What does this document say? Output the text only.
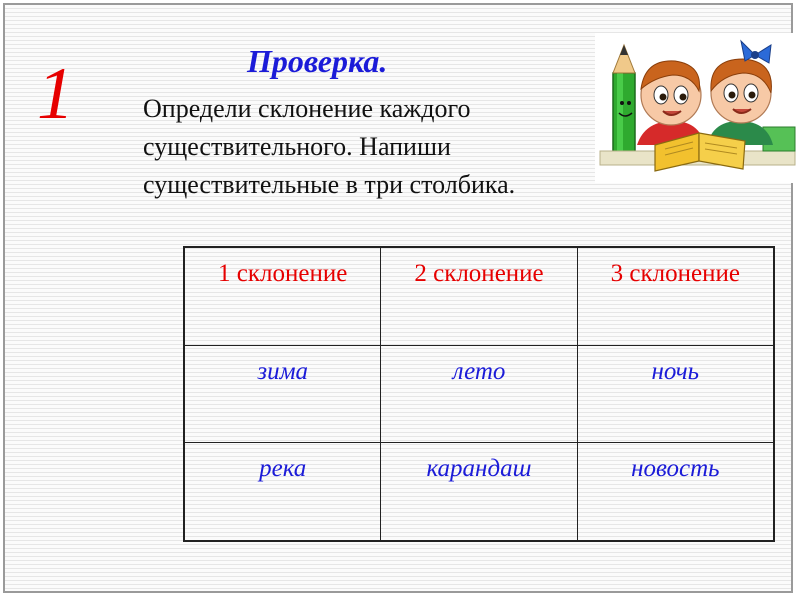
1	Проверка.
Определи склонение каждого
существительного. Напиши
существительные в три столбика.
1 склонение	2 склонение	3 склонение
зима	лето	ночь
река	карандаш	новость
